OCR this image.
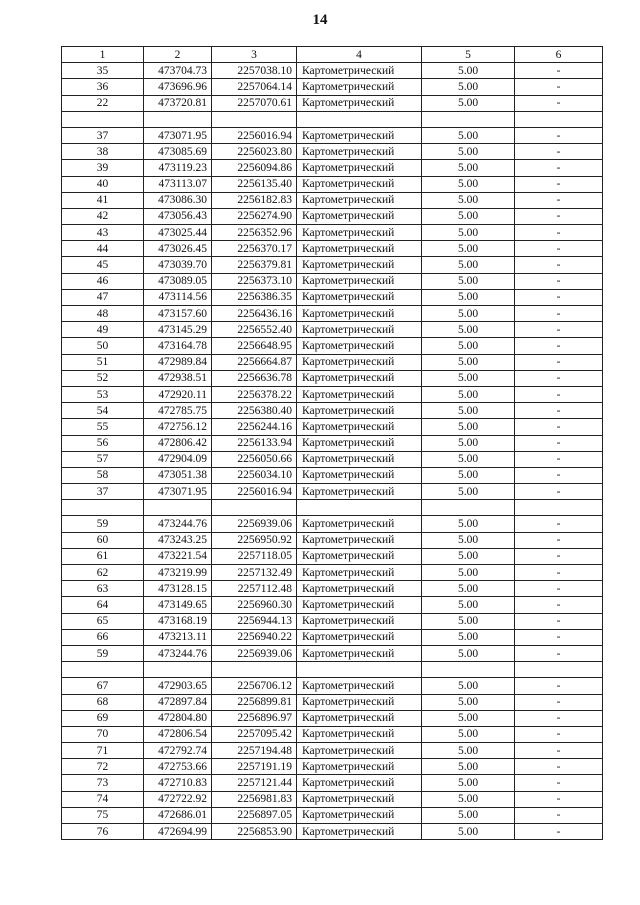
14
1	2	3	4	5	6
35	473704.73	2257038.10	Картометрический	5.00	-
36	473696.96	2257064.14	Картометрический	5.00	-
22	473720.81	2257070.61	Картометрический	5.00	-

37	473071.95	2256016.94	Картометрический	5.00	-
38	473085.69	2256023.80	Картометрический	5.00	-
39	473119.23	2256094.86	Картометрический	5.00	-
40	473113.07	2256135.40	Картометрический	5.00	-
41	473086.30	2256182.83	Картометрический	5.00	-
42	473056.43	2256274.90	Картометрический	5.00	-
43	473025.44	2256352.96	Картометрический	5.00	-
44	473026.45	2256370.17	Картометрический	5.00	-
45	473039.70	2256379.81	Картометрический	5.00	-
46	473089.05	2256373.10	Картометрический	5.00	-
47	473114.56	2256386.35	Картометрический	5.00	-
48	473157.60	2256436.16	Картометрический	5.00	-
49	473145.29	2256552.40	Картометрический	5.00	-
50	473164.78	2256648.95	Картометрический	5.00	-
51	472989.84	2256664.87	Картометрический	5.00	-
52	472938.51	2256636.78	Картометрический	5.00	-
53	472920.11	2256378.22	Картометрический	5.00	-
54	472785.75	2256380.40	Картометрический	5.00	-
55	472756.12	2256244.16	Картометрический	5.00	-
56	472806.42	2256133.94	Картометрический	5.00	-
57	472904.09	2256050.66	Картометрический	5.00	-
58	473051.38	2256034.10	Картометрический	5.00	-
37	473071.95	2256016.94	Картометрический	5.00	-

59	473244.76	2256939.06	Картометрический	5.00	-
60	473243.25	2256950.92	Картометрический	5.00	-
61	473221.54	2257118.05	Картометрический	5.00	-
62	473219.99	2257132.49	Картометрический	5.00	-
63	473128.15	2257112.48	Картометрический	5.00	-
64	473149.65	2256960.30	Картометрический	5.00	-
65	473168.19	2256944.13	Картометрический	5.00	-
66	473213.11	2256940.22	Картометрический	5.00	-
59	473244.76	2256939.06	Картометрический	5.00	-

67	472903.65	2256706.12	Картометрический	5.00	-
68	472897.84	2256899.81	Картометрический	5.00	-
69	472804.80	2256896.97	Картометрический	5.00	-
70	472806.54	2257095.42	Картометрический	5.00	-
71	472792.74	2257194.48	Картометрический	5.00	-
72	472753.66	2257191.19	Картометрический	5.00	-
73	472710.83	2257121.44	Картометрический	5.00	-
74	472722.92	2256981.83	Картометрический	5.00	-
75	472686.01	2256897.05	Картометрический	5.00	-
76	472694.99	2256853.90	Картометрический	5.00	-
